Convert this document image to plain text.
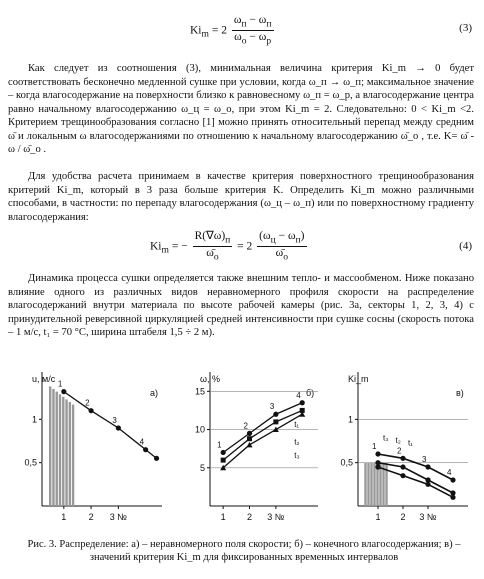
$Ki_m = 2 \frac{\omega_п - \omega_п}{\omega_о - \omega_р}$	(3)
Как следует из соотношения (3), минимальная величина критерия Ki_m → 0 будет соответствовать бесконечно медленной сушке при условии, когда ω_п → ω_п; максимальное значение – когда влагосодержание на поверхности близко к равновесному ω_п = ω_р, а влагосодержание центра равно начальному влагосодержанию ω_ц = ω_о, при этом Ki_m = 2. Следовательно: 0 < Ki_m <2. Критерием трещинообразования согласно [1] можно принять относительный перепад между средним ω̄ и локальным ω влагосодержаниями по отношению к начальному влагосодержанию ω̄_о , т.е. K= ω̄ - ω / ω̄_о .
Для удобства расчета принимаем в качестве критерия поверхностного трещинообразования критерий Ki_m, который в 3 раза больше критерия K. Определить Ki_m можно различными способами, в частности: по перепаду влагосодержания (ω_ц – ω_п) или по поверхностному градиенту влагосодержания:
$Ki_m$ = − $\frac{R(\nabla\omega)_п}{\omegā_о} = 2 \frac{(\omega_ц - \omega_п)}{\omegā_о}$	(4)
Динамика процесса сушки определяется также внешним тепло- и массообменом. Ниже показано влияние одного из различных видов неравномерного профиля скорости на распределение влагосодержаний внутри материала по высоте рабочей камеры (рис. 3а, секторы 1, 2, 3, 4) с принудительной реверсивной циркуляцией средней интенсивности при сушке сосны (скорость потока – 1 м/с, t₁ = 70 °C, ширина штабеля 1,5 ÷ 2 м).
u, м/с
а)
0,5
1
1 2 3 №
1
2
3
4
ω, %
б)
5
10
15
1 2 3 №
t₁
t₂
t₃
1
2
3
4
Ki_m
в)
0,5
1
1 2 3 №
t₃ t₂ t₁
1	2
3
4
Рис. 3. Распределение: а) – неравномерного поля скорости; б) – конечного влагосодержания; в) – значений критерия Ki_m для фиксированных временных интервалов
